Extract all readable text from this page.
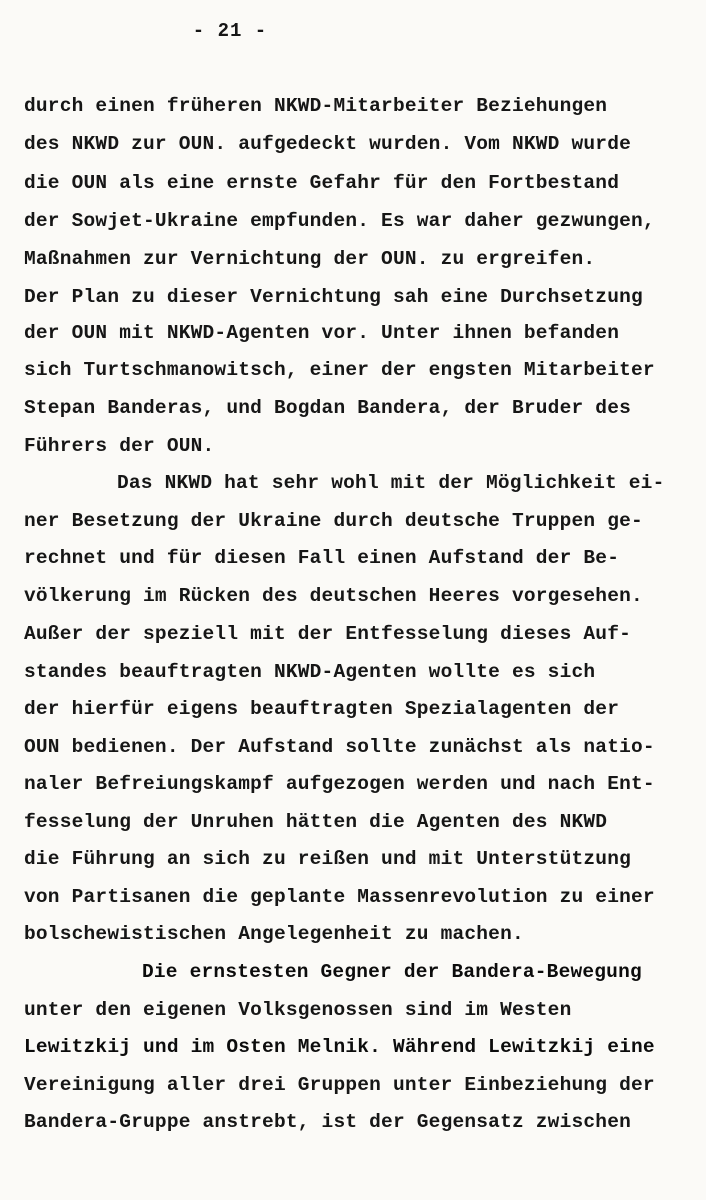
- 21 -
durch einen früheren NKWD-Mitarbeiter Beziehungen
des NKWD zur OUN. aufgedeckt wurden. Vom NKWD wurde
die OUN als eine ernste Gefahr für den Fortbestand
der Sowjet-Ukraine empfunden. Es war daher gezwungen,
Maßnahmen zur Vernichtung der OUN. zu ergreifen.
Der Plan zu dieser Vernichtung sah eine Durchsetzung
der OUN mit NKWD-Agenten vor. Unter ihnen befanden
sich Turtschmanowitsch, einer der engsten Mitarbeiter
Stepan Banderas, und Bogdan Bandera, der Bruder des
Führers der OUN.
Das NKWD hat sehr wohl mit der Möglichkeit ei-
ner Besetzung der Ukraine durch deutsche Truppen ge-
rechnet und für diesen Fall einen Aufstand der Be-
völkerung im Rücken des deutschen Heeres vorgesehen.
Außer der speziell mit der Entfesselung dieses Auf-
standes beauftragten NKWD-Agenten wollte es sich
der hierfür eigens beauftragten Spezialagenten der
OUN bedienen. Der Aufstand sollte zunächst als natio-
naler Befreiungskampf aufgezogen werden und nach Ent-
fesselung der Unruhen hätten die Agenten des NKWD
die Führung an sich zu reißen und mit Unterstützung
von Partisanen die geplante Massenrevolution zu einer
bolschewistischen Angelegenheit zu machen.
Die ernstesten Gegner der Bandera-Bewegung
unter den eigenen Volksgenossen sind im Westen
Lewitzkij und im Osten Melnik. Während Lewitzkij eine
Vereinigung aller drei Gruppen unter Einbeziehung der
Bandera-Gruppe anstrebt, ist der Gegensatz zwischen
